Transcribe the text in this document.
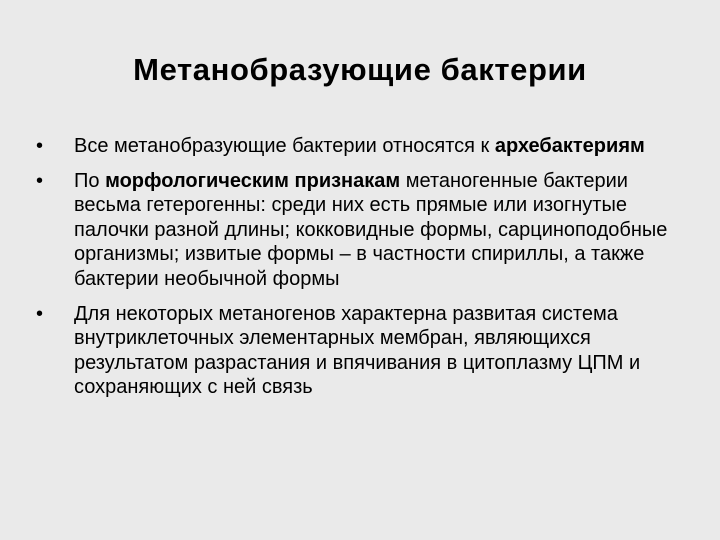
Метанобразующие бактерии
• Все метанобразующие бактерии относятся к архебактериям
• По морфологическим признакам метаногенные бактерии весьма гетерогенны: среди них есть прямые или изогнутые палочки разной длины; кокковидные формы, сарциноподобные организмы; извитые формы – в частности спириллы, а также бактерии необычной формы
• Для некоторых метаногенов характерна развитая система внутриклеточных элементарных мембран, являющихся результатом разрастания и впячивания в цитоплазму ЦПМ и сохраняющих с ней связь
